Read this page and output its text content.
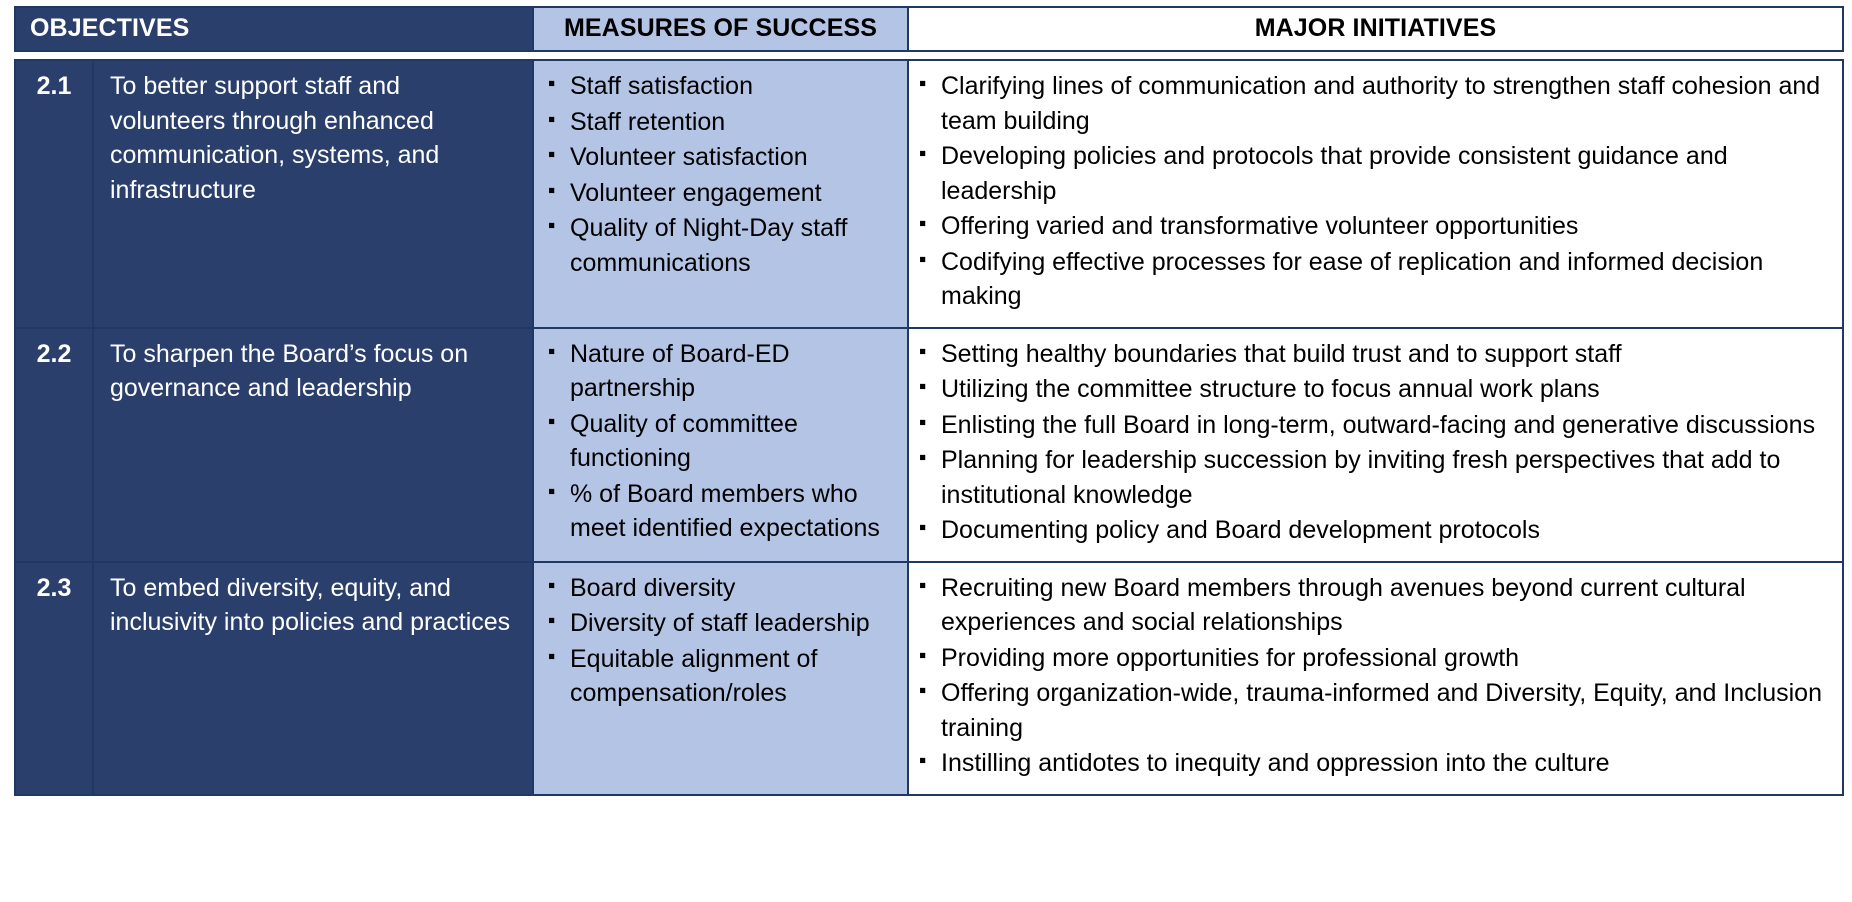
OBJECTIVES		MEASURES OF SUCCESS	MAJOR INITIATIVES

2.1	To better support staff and volunteers through enhanced communication, systems, and infrastructure

▪ Staff satisfaction
▪ Staff retention
▪ Volunteer satisfaction
▪ Volunteer engagement
▪ Quality of Night-Day staff communications

▪ Clarifying lines of communication and authority to strengthen staff cohesion and team building
▪ Developing policies and protocols that provide consistent guidance and leadership
▪ Offering varied and transformative volunteer opportunities
▪ Codifying effective processes for ease of replication and informed decision making

2.2	To sharpen the Board’s focus on governance and leadership

▪ Nature of Board-ED partnership
▪ Quality of committee functioning
▪ % of Board members who meet identified expectations

▪ Setting healthy boundaries that build trust and to support staff
▪ Utilizing the committee structure to focus annual work plans
▪ Enlisting the full Board in long-term, outward-facing and generative discussions
▪ Planning for leadership succession by inviting fresh perspectives that add to institutional knowledge
▪ Documenting policy and Board development protocols

2.3	To embed diversity, equity, and inclusivity into policies and practices

▪ Board diversity
▪ Diversity of staff leadership
▪ Equitable alignment of compensation/roles

▪ Recruiting new Board members through avenues beyond current cultural experiences and social relationships
▪ Providing more opportunities for professional growth
▪ Offering organization-wide, trauma-informed and Diversity, Equity, and Inclusion training
▪ Instilling antidotes to inequity and oppression into the culture
